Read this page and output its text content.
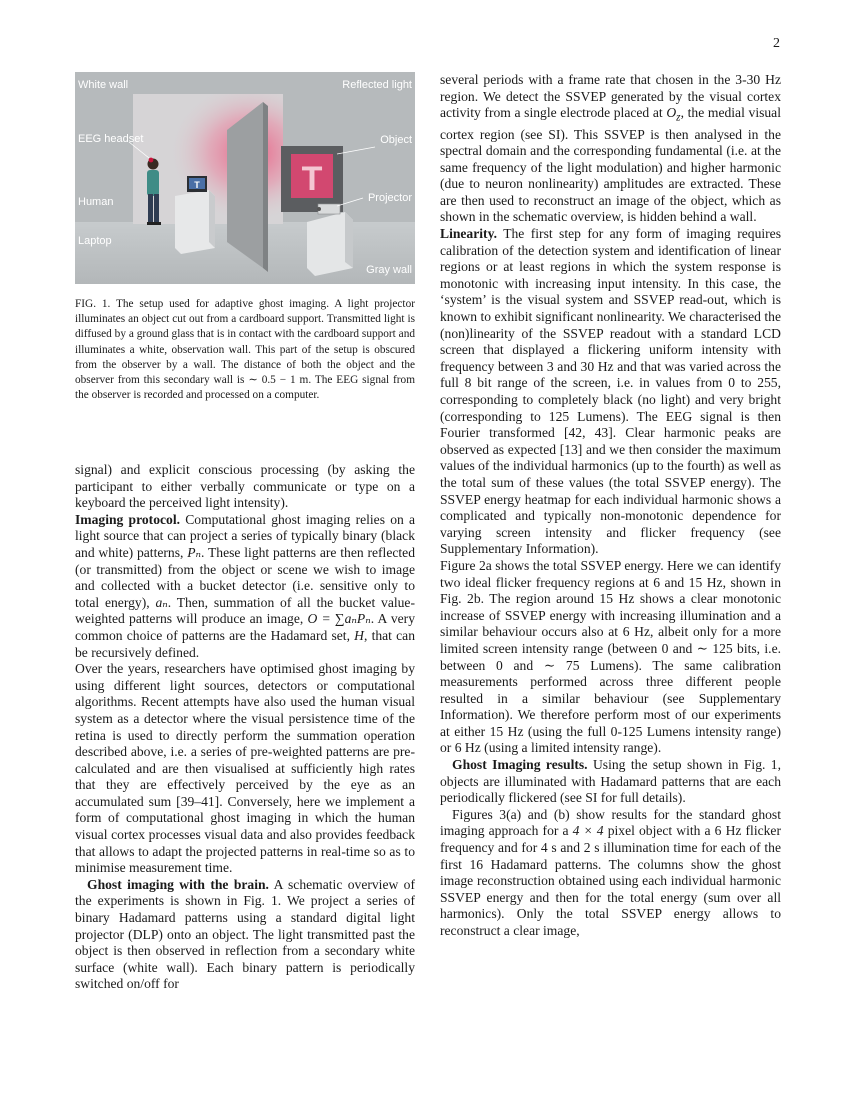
2
T
T
White wall	Reflected light
EEG headset	Object
Human	Projector
Laptop
Gray wall

FIG. 1. The setup used for adaptive ghost imaging. A light projector illuminates an object cut out from a cardboard support. Transmitted light is diffused by a ground glass that is in contact with the cardboard support and illuminates a white, observation wall. This part of the setup is obscured from the observer by a wall. The distance of both the object and the observer from this secondary wall is ∼ 0.5 − 1 m. The EEG signal from the observer is recorded and processed on a computer.

signal) and explicit conscious processing (by asking the participant to either verbally communicate or type on a keyboard the perceived light intensity).

Imaging protocol. Computational ghost imaging relies on a light source that can project a series of typically binary (black and white) patterns, Pₙ. These light patterns are then reflected (or transmitted) from the object or scene we wish to image and collected with a bucket detector (i.e. sensitive only to total energy), aₙ. Then, summation of all the bucket value-weighted patterns will produce an image, O = ∑aₙPₙ. A very common choice of patterns are the Hadamard set, H, that can be recursively defined.

Over the years, researchers have optimised ghost imaging by using different light sources, detectors or computational algorithms. Recent attempts have also used the human visual system as a detector where the visual persistence time of the retina is used to directly perform the summation operation described above, i.e. a series of pre-weighted patterns are pre-calculated and are then visualised at sufficiently high rates that they are effectively perceived by the eye as an accumulated sum [39–41]. Conversely, here we implement a form of computational ghost imaging in which the human visual cortex processes visual data and also provides feedback that allows to adapt the projected patterns in real-time so as to minimise measurement time.

Ghost imaging with the brain. A schematic overview of the experiments is shown in Fig. 1. We project a series of binary Hadamard patterns using a standard digital light projector (DLP) onto an object. The light transmitted past the object is then observed in reflection from a secondary white surface (white wall). Each binary pattern is periodically switched on/off for

several periods with a frame rate that chosen in the 3-30 Hz region. We detect the SSVEP generated by the visual cortex activity from a single electrode placed at $O_z$, the medial visual cortex region (see SI). This SSVEP is then analysed in the spectral domain and the corresponding fundamental (i.e. at the same frequency of the light modulation) and higher harmonic (due to neuron nonlinearity) amplitudes are extracted. These are then used to reconstruct an image of the object, which as shown in the schematic overview, is hidden behind a wall.

Linearity. The first step for any form of imaging requires calibration of the detection system and identification of linear regions or at least regions in which the system response is monotonic with increasing input intensity. In this case, the ‘system’ is the visual system and SSVEP read-out, which is known to exhibit significant nonlinearity. We characterised the (non)linearity of the SSVEP readout with a standard LCD screen that displayed a flickering uniform intensity with frequency between 3 and 30 Hz and that was varied across the full 8 bit range of the screen, i.e. in values from 0 to 255, corresponding to completely black (no light) and very bright (corresponding to 125 Lumens). The EEG signal is then Fourier transformed [42, 43]. Clear harmonic peaks are observed as expected [13] and we then consider the maximum values of the individual harmonics (up to the fourth) as well as the total sum of these values (the total SSVEP energy). The SSVEP energy heatmap for each individual harmonic shows a complicated and typically non-monotonic dependence for varying screen intensity and flicker frequency (see Supplementary Information).

Figure 2a shows the total SSVEP energy. Here we can identify two ideal flicker frequency regions at 6 and 15 Hz, shown in Fig. 2b. The region around 15 Hz shows a clear monotonic increase of SSVEP energy with increasing illumination and a similar behaviour occurs also at 6 Hz, albeit only for a more limited screen intensity range (between 0 and ∼ 125 bits, i.e. between 0 and ∼ 75 Lumens). The same calibration measurements performed across three different people resulted in a similar behaviour (see Supplementary Information). We therefore perform most of our experiments at either 15 Hz (using the full 0-125 Lumens intensity range) or 6 Hz (using a limited intensity range).

Ghost Imaging results. Using the setup shown in Fig. 1, objects are illuminated with Hadamard patterns that are each periodically flickered (see SI for full details).

Figures 3(a) and (b) show results for the standard ghost imaging approach for a 4 × 4 pixel object with a 6 Hz flicker frequency and for 4 s and 2 s illumination time for each of the first 16 Hadamard patterns. The columns show the ghost image reconstruction obtained using each individual harmonic SSVEP energy and then for the total energy (sum over all harmonics). Only the total SSVEP energy allows to reconstruct a clear image,
